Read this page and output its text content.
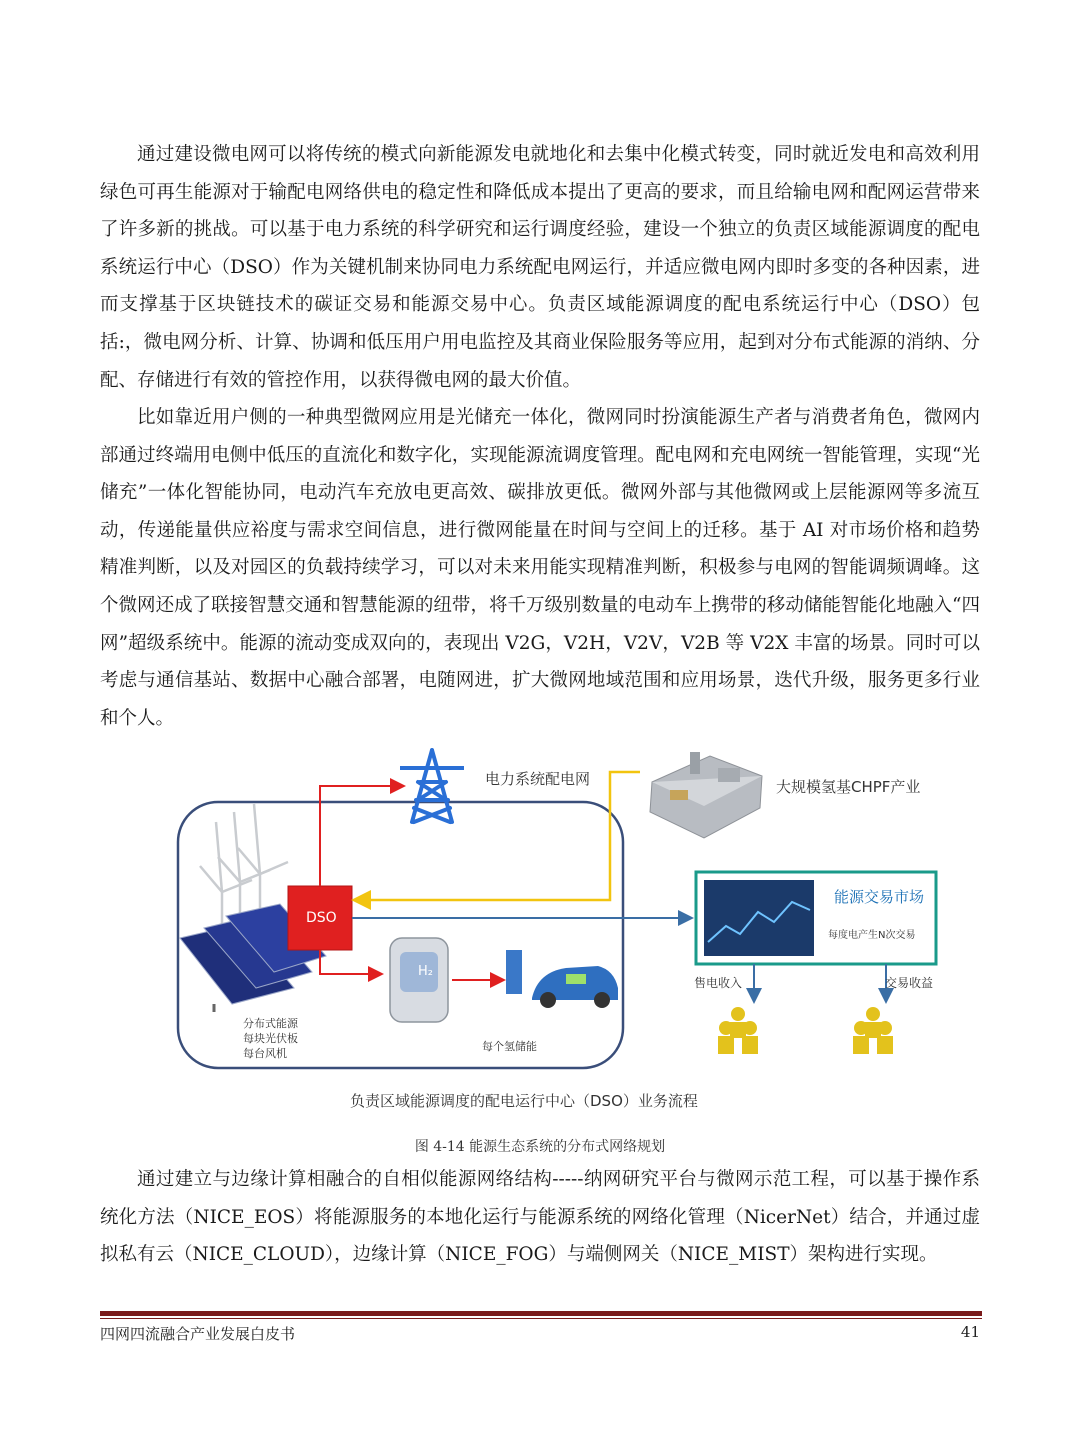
通过建设微电网可以将传统的模式向新能源发电就地化和去集中化模式转变，同时就近发电和高效利用绿色可再生能源对于输配电网络供电的稳定性和降低成本提出了更高的要求，而且给输电网和配网运营带来了许多新的挑战。可以基于电力系统的科学研究和运行调度经验，建设一个独立的负责区域能源调度的配电系统运行中心（DSO）作为关键机制来协同电力系统配电网运行，并适应微电网内即时多变的各种因素，进而支撑基于区块链技术的碳证交易和能源交易中心。负责区域能源调度的配电系统运行中心（DSO）包括:，微电网分析、计算、协调和低压用户用电监控及其商业保险服务等应用，起到对分布式能源的消纳、分配、存储进行有效的管控作用，以获得微电网的最大价值。

比如靠近用户侧的一种典型微网应用是光储充一体化，微网同时扮演能源生产者与消费者角色，微网内部通过终端用电侧中低压的直流化和数字化，实现能源流调度管理。配电网和充电网统一智能管理，实现“光储充”一体化智能协同，电动汽车充放电更高效、碳排放更低。微网外部与其他微网或上层能源网等多流互动，传递能量供应裕度与需求空间信息，进行微网能量在时间与空间上的迁移。基于 AI 对市场价格和趋势精准判断，以及对园区的负载持续学习，可以对未来用能实现精准判断，积极参与电网的智能调频调峰。这个微网还成了联接智慧交通和智慧能源的纽带，将千万级别数量的电动车上携带的移动储能智能化地融入“四网”超级系统中。能源的流动变成双向的，表现出 V2G，V2H，V2V，V2B 等 V2X 丰富的场景。同时可以考虑与通信基站、数据中心融合部署，电随网进，扩大微网地域范围和应用场景，迭代升级，服务更多行业和个人。

电力系统配电网	大规模氢基CHPF产业
DSO
H₂
能源交易市场
每度电产生N次交易
售电收入	交易收益
分布式能源
每块光伏板
每台风机
每个氢储能
负责区域能源调度的配电运行中心（DSO）业务流程
图 4-14 能源生态系统的分布式网络规划

通过建立与边缘计算相融合的自相似能源网络结构-----纳网研究平台与微网示范工程，可以基于操作系统化方法（NICE_EOS）将能源服务的本地化运行与能源系统的网络化管理（NicerNet）结合，并通过虚拟私有云（NICE_CLOUD），边缘计算（NICE_FOG）与端侧网关（NICE_MIST）架构进行实现。

四网四流融合产业发展白皮书	41
